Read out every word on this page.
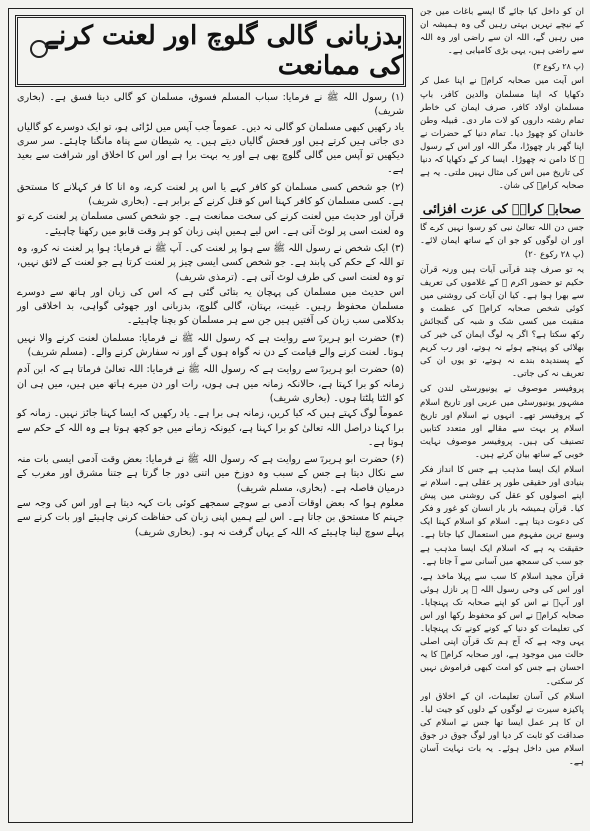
بدزبانی گالی گلوچ اور لعنت کرنے کی ممانعت

(۱) رسول اللہ ﷺ نے فرمایا: سباب المسلم فسوق، مسلمان کو گالی دینا فسق ہے۔ (بخاری شریف)

یاد رکھیں کبھی مسلمان کو گالی نہ دیں۔ عموماً جب آپس میں لڑائی ہو، تو ایک دوسرے کو گالیاں دی جاتی ہیں کرتے ہیں اور فحش گالیاں دیتے ہیں۔ یہ شیطان سے پناہ مانگنا چاہئے۔ سر سری دیکھیں تو آپس میں گالی گلوچ بھی ہے اور یہ بہت برا ہے اور اس کا اخلاق اور شرافت سے بعید ہے۔

(۲) جو شخص کسی مسلمان کو کافر کہے یا اس پر لعنت کرے، وہ انا کا فر کہلانے کا مستحق ہے۔ کسی مسلمان کو کافر کہنا اس کو قتل کرنے کے برابر ہے۔ (بخاری شریف)

قرآن اور حدیث میں لعنت کرنے کی سخت ممانعت ہے۔ جو شخص کسی مسلمان پر لعنت کرے تو وہ لعنت اسی پر لوٹ آتی ہے۔ اس لیے ہمیں اپنی زبان کو ہر وقت قابو میں رکھنا چاہیئے۔

(۳) ایک شخص نے رسول اللہ ﷺ سے ہوا پر لعنت کی۔ آپ ﷺ نے فرمایا: ہوا پر لعنت نہ کرو، وہ تو اللہ کے حکم کی پابند ہے۔ جو شخص کسی ایسی چیز پر لعنت کرتا ہے جو لعنت کے لائق نہیں، تو وہ لعنت اسی کی طرف لوٹ آتی ہے۔ (ترمذی شریف)

اس حدیث میں مسلمان کی پہچان یہ بتائی گئی ہے کہ اس کی زبان اور ہاتھ سے دوسرے مسلمان محفوظ رہیں۔ غیبت، بہتان، گالی گلوچ، بدزبانی اور جھوٹی گواہی، بد اخلاقی اور بدکلامی سب زبان کی آفتیں ہیں جن سے ہر مسلمان کو بچنا چاہیئے۔

(۴) حضرت ابو ہریرہؓ سے روایت ہے کہ رسول اللہ ﷺ نے فرمایا: مسلمان لعنت کرنے والا نہیں ہوتا۔ لعنت کرنے والے قیامت کے دن نہ گواہ ہوں گے اور نہ سفارش کرنے والے۔ (مسلم شریف)

(۵) حضرت ابو ہریرہؓ سے روایت ہے کہ رسول اللہ ﷺ نے فرمایا: اللہ تعالیٰ فرماتا ہے کہ ابن آدم زمانہ کو برا کہتا ہے، حالانکہ زمانہ میں ہی ہوں، رات اور دن میرے ہاتھ میں ہیں، میں ہی ان کو الٹتا پلٹتا ہوں۔ (بخاری شریف)

عموماً لوگ کہتے ہیں کہ کیا کریں، زمانہ ہی برا ہے۔ یاد رکھیں کہ ایسا کہنا جائز نہیں۔ زمانہ کو برا کہنا دراصل اللہ تعالیٰ کو برا کہنا ہے، کیونکہ زمانے میں جو کچھ ہوتا ہے وہ اللہ کے حکم سے ہوتا ہے۔

(۶) حضرت ابو ہریرہؓ سے روایت ہے کہ رسول اللہ ﷺ نے فرمایا: بعض وقت آدمی ایسی بات منہ سے نکال دیتا ہے جس کے سبب وہ دوزخ میں اتنی دور جا گرتا ہے جتنا مشرق اور مغرب کے درمیان فاصلہ ہے۔ (بخاری، مسلم شریف)

معلوم ہوا کہ بعض اوقات آدمی بے سوچے سمجھے کوئی بات کہہ دیتا ہے اور اس کی وجہ سے جہنم کا مستحق بن جاتا ہے۔ اس لیے ہمیں اپنی زبان کی حفاظت کرنی چاہیئے اور بات کرنے سے پہلے سوچ لینا چاہیئے کہ اللہ کے یہاں گرفت نہ ہو۔ (بخاری شریف)

ان کو داخل کیا جائے گا ایسے باغات میں جن کے نیچے نہریں بہتی رہیں گی وہ ہمیشہ ان میں رہیں گے، اللہ ان سے راضی اور وہ اللہ سے راضی ہیں، یہی بڑی کامیابی ہے۔

(پ ۲۸ رکوع ۳)

اس آیت میں صحابہ کرامؓ نے اپنا عمل کر دکھایا کہ اپنا مسلمان والدین کافر، باپ مسلمان اولاد کافر، صرف ایمان کی خاطر تمام رشتہ داروں کو لات مار دی۔ قبیلہ وطن خاندان کو چھوڑ دیا۔ تمام دنیا کے حضرات نے اپنا گھر بار چھوڑا، مگر اللہ اور اس کے رسول ﷺ کا دامن نہ چھوڑا۔ ایسا کر کے دکھایا کہ دنیا کی تاریخ میں اس کی مثال نہیں ملتی۔ یہ ہے صحابہ کرامؓ کی شان۔

صحابہ کرامؓ کی عزت افزائی

جس دن اللہ تعالیٰ نبی کو رسوا نہیں کرے گا اور ان لوگوں کو جو ان کے ساتھ ایمان لائے۔ (پ ۲۸ رکوع ۲۰)

یہ تو صرف چند قرآنی آیات ہیں ورنہ قرآن حکیم تو حضور اکرم ﷺ کے غلاموں کی تعریف سے بھرا ہوا ہے۔ کیا ان آیات کی روشنی میں کوئی شخص صحابہ کرامؓ کی عظمت و منقبت میں کسی شک و شبہ کی گنجائش رکھ سکتا ہے؟ اگر یہ لوگ ایمان کی خیر کی بھلائی کو پہنچے ہوئے نہ ہوتے، اور رب کریم کے پسندیدہ بندے نہ ہوتے، تو یوں ان کی تعریف نہ کی جاتی۔

پروفیسر موصوف نے یونیورسٹی لندن کی مشہور یونیورسٹی میں عربی اور تاریخ اسلام کے پروفیسر تھے۔ انہوں نے اسلام اور تاریخ اسلام پر بہت سے مقالے اور متعدد کتابیں تصنیف کی ہیں۔ پروفیسر موصوف نہایت خوبی کے ساتھ بیان کرتے ہیں۔

اسلام ایک ایسا مذہب ہے جس کا انداز فکر بنیادی اور حقیقی طور پر عقلی ہے۔ اسلام نے اپنے اصولوں کو عقل کی روشنی میں پیش کیا۔ قرآن ہمیشہ بار بار انسان کو غور و فکر کی دعوت دیتا ہے۔ اسلام کو اسلام کہنا ایک وسیع ترین مفہوم میں استعمال کیا جاتا ہے۔ حقیقت یہ ہے کہ اسلام ایک ایسا مذہب ہے جو سب کی سمجھ میں آسانی سے آ جاتا ہے۔

قرآن مجید اسلام کا سب سے پہلا ماخذ ہے، اور اس کی وحی رسول اللہ ﷺ پر نازل ہوئی اور آپؐ نے اس کو اپنے صحابہ تک پہنچایا۔ صحابہ کرامؓ نے اس کو محفوظ رکھا اور اس کی تعلیمات کو دنیا کے کونے کونے تک پہنچایا۔ یہی وجہ ہے کہ آج ہم تک قرآن اپنی اصلی حالت میں موجود ہے، اور صحابہ کرامؓ کا یہ احسان ہے جس کو امت کبھی فراموش نہیں کر سکتی۔

اسلام کی آسان تعلیمات، ان کے اخلاق اور پاکیزہ سیرت نے لوگوں کے دلوں کو جیت لیا۔ ان کا ہر عمل ایسا تھا جس نے اسلام کی صداقت کو ثابت کر دیا اور لوگ جوق در جوق اسلام میں داخل ہوئے۔ یہ بات نہایت آسان ہے۔
